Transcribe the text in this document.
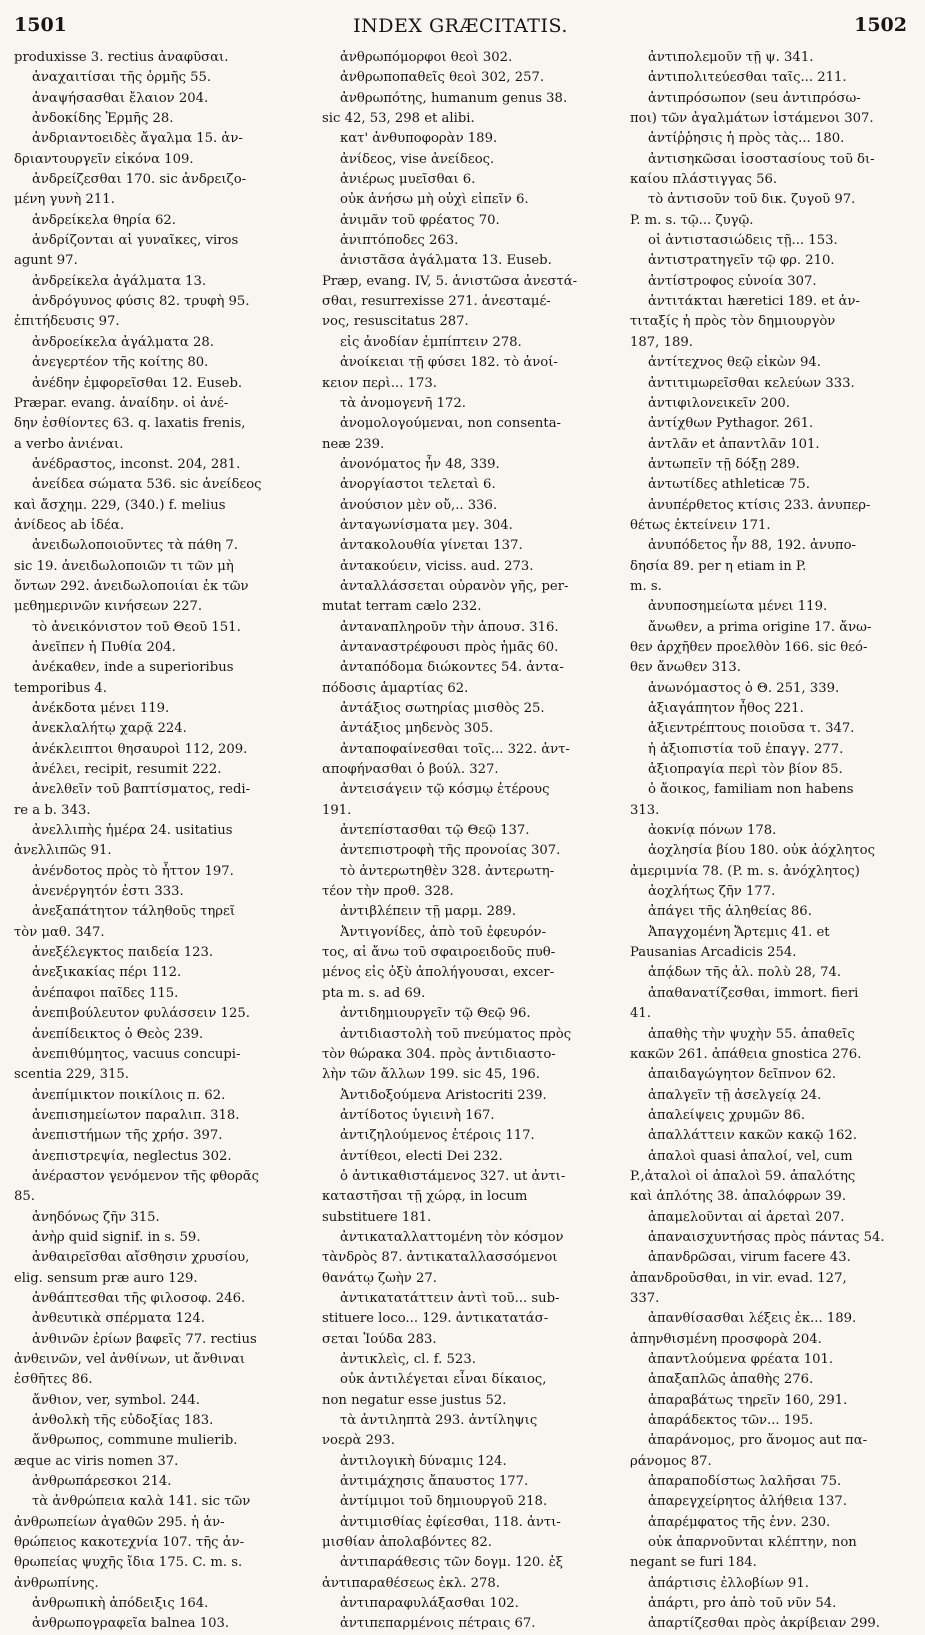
1501	INDEX GRÆCITATIS.	1502
produxisse 3. rectius ἀναφῦσαι.
ἀναχαιτίσαι τῆς ὁρμῆς 55.
ἀναψήσασθαι ἔλαιον 204.
ἀνδοκίδης Ἑρμῆς 28.
ἀνδριαντοειδὲς ἄγαλμα 15. ἀν-
δριαντουργεῖν εἰκόνα 109.
ἀνδρείζεσθαι 170. sic ἀνδρειζο-
μένη γυνὴ 211.
ἀνδρείκελα θηρία 62.
ἀνδρίζονται αἱ γυναῖκες, viros
agunt 97.
ἀνδρείκελα ἀγάλματα 13.
ἀνδρόγυνος φύσις 82. τρυφὴ 95.
ἐπιτήδευσις 97.
ἀνδροείκελα ἀγάλματα 28.
ἀνεγερτέον τῆς κοίτης 80.
ἀνέδην ἐμφορεῖσθαι 12. Euseb.
Præpar. evang. ἀναίδην. οἱ ἀνέ-
δην ἐσθίοντες 63. q. laxatis frenis,
a verbo ἀνιέναι.
ἀνέδραστος, inconst. 204, 281.
ἀνείδεα σώματα 536. sic ἀνείδεος
καὶ ἄσχημ. 229, (340.) f. melius
ἀνίδεος ab ἰδέα.
ἀνειδωλοποιοῦντες τὰ πάθη 7.
sic 19. ἀνειδωλοποιῶν τι τῶν μὴ
ὄντων 292. ἀνειδωλοποιίαι ἐκ τῶν
μεθημερινῶν κινήσεων 227.
τὸ ἀνεικόνιστον τοῦ Θεοῦ 151.
ἀνεῖπεν ἡ Πυθία 204.
ἀνέκαθεν, inde a superioribus
temporibus 4.
ἀνέκδοτα μένει 119.
ἀνεκλαλήτῳ χαρᾷ 224.
ἀνέκλειπτοι θησαυροὶ 112, 209.
ἀνέλει, recipit, resumit 222.
ἀνελθεῖν τοῦ βαπτίσματος, redi-
re a b. 343.
ἀνελλιπὴς ἡμέρα 24. usitatius
ἀνελλιπῶς 91.
ἀνένδοτος πρὸς τὸ ἧττον 197.
ἀνενέργητόν ἐστι 333.
ἀνεξαπάτητον τάληθοῦς τηρεῖ
τὸν μαθ. 347.
ἀνεξέλεγκτος παιδεία 123.
ἀνεξικακίας πέρι 112.
ἀνέπαφοι παῖδες 115.
ἀνεπιβούλευτον φυλάσσειν 125.
ἀνεπίδεικτος ὁ Θεὸς 239.
ἀνεπιθύμητος, vacuus concupi-
scentia 229, 315.
ἀνεπίμικτον ποικίλοις π. 62.
ἀνεπισημείωτον παραλιπ. 318.
ἀνεπιστήμων τῆς χρήσ. 397.
ἀνεπιστρεψία, neglectus 302.
ἀνέραστον γενόμενον τῆς φθορᾶς
85.
ἀνηδόνως ζῆν 315.
ἀνὴρ quid signif. in s. 59.
ἀνθαιρεῖσθαι αἴσθησιν χρυσίου,
elig. sensum præ auro 129.
ἀνθάπτεσθαι τῆς φιλοσοφ. 246.
ἀνθευτικὰ σπέρματα 124.
ἀνθινῶν ἐρίων βαφεῖς 77. rectius
ἀνθεινῶν, vel ἀνθίνων, ut ἄνθιναι
ἐσθῆτες 86.
ἄνθιον, ver, symbol. 244.
ἀνθολκὴ τῆς εὐδοξίας 183.
ἄνθρωπος, commune mulierib.
æque ac viris nomen 37.
ἀνθρωπάρεσκοι 214.
τὰ ἀνθρώπεια καλὰ 141. sic τῶν
ἀνθρωπείων ἀγαθῶν 295. ἡ ἀν-
θρώπειος κακοτεχνία 107. τῆς ἀν-
θρωπείας ψυχῆς ἴδια 175. C. m. s.
ἀνθρωπίνης.
ἀνθρωπικὴ ἀπόδειξις 164.
ἀνθρωπογραφεῖα balnea 103.
ἀνθρωπόμορφοι θεοὶ 302.
ἀνθρωποπαθεῖς θεοὶ 302, 257.
ἀνθρωπότης, humanum genus 38.
sic 42, 53, 298 et alibi.
κατ' ἀνθυποφορὰν 189.
ἀνίδεος, vise ἀνείδεος.
ἀνιέρως μυεῖσθαι 6.
οὐκ ἀνήσω μὴ οὐχὶ εἰπεῖν 6.
ἀνιμᾶν τοῦ φρέατος 70.
ἀνιπτόποδες 263.
ἀνιστᾶσα ἀγάλματα 13. Euseb.
Præp, evang. IV, 5. ἀνιστῶσα ἀνεστά-
σθαι, resurrexisse 271. ἀνεσταμέ-
νος, resuscitatus 287.
εἰς ἀνοδίαν ἐμπίπτειν 278.
ἀνοίκειαι τῇ φύσει 182. τὸ ἀνοί-
κειον περὶ... 173.
τὰ ἀνομογενῆ 172.
ἀνομολογούμεναι, non consenta-
neæ 239.
ἀνονόματος ἦν 48, 339.
ἀνοργίαστοι τελεταὶ 6.
ἀνούσιον μὲν οὔ,.. 336.
ἀνταγωνίσματα μεγ. 304.
ἀντακολουθία γίνεται 137.
ἀντακούειν, viciss. aud. 273.
ἀνταλλάσσεται οὐρανὸν γῆς, per-
mutat terram cælo 232.
ἀνταναπληροῦν τὴν ἀπουσ. 316.
ἀνταναστρέφουσι πρὸς ἡμᾶς 60.
ἀνταπόδομα διώκοντες 54. ἀντα-
πόδοσις ἁμαρτίας 62.
ἀντάξιος σωτηρίας μισθὸς 25.
ἀντάξιος μηδενὸς 305.
ἀνταποφαίνεσθαι τοῖς... 322. ἀντ-
αποφήνασθαι ὁ βούλ. 327.
ἀντεισάγειν τῷ κόσμῳ ἑτέρους
191.
ἀντεπίστασθαι τῷ Θεῷ 137.
ἀντεπιστροφὴ τῆς προνοίας 307.
τὸ ἀντερωτηθὲν 328. ἀντερωτη-
τέον τὴν προθ. 328.
ἀντιβλέπειν τῇ μαρμ. 289.
Ἀντιγονίδες, ἀπὸ τοῦ ἐφευρόν-
τος, αἱ ἄνω τοῦ σφαιροειδοῦς πυθ-
μένος εἰς ὀξὺ ἀπολήγουσαι, excer-
pta m. s. ad 69.
ἀντιδημιουργεῖν τῷ Θεῷ 96.
ἀντιδιαστολὴ τοῦ πνεύματος πρὸς
τὸν θώρακα 304. πρὸς ἀντιδιαστο-
λὴν τῶν ἄλλων 199. sic 45, 196.
Ἀντιδοξούμενα Aristocriti 239.
ἀντίδοτος ὑγιεινὴ 167.
ἀντιζηλούμενος ἑτέροις 117.
ἀντίθεοι, electi Dei 232.
ὁ ἀντικαθιστάμενος 327. ut ἀντι-
καταστῆσαι τῇ χώρᾳ, in locum
substituere 181.
ἀντικαταλλαττομένη τὸν κόσμον
τὰνδρὸς 87. ἀντικαταλλασσόμενοι
θανάτῳ ζωὴν 27.
ἀντικατατάττειν ἀντὶ τοῦ... sub-
stituere loco... 129. ἀντικατατάσ-
σεται Ἰούδα 283.
ἀντικλεὶς, cl. f. 523.
οὐκ ἀντιλέγεται εἶναι δίκαιος,
non negatur esse justus 52.
τὰ ἀντιληπτὰ 293. ἀντίληψις
νοερὰ 293.
ἀντιλογικὴ δύναμις 124.
ἀντιμάχησις ἄπαυστος 177.
ἀντίμιμοι τοῦ δημιουργοῦ 218.
ἀντιμισθίας ἐφίεσθαι, 118. ἀντι-
μισθίαν ἀπολαβόντες 82.
ἀντιπαράθεσις τῶν δογμ. 120. ἐξ
ἀντιπαραθέσεως ἐκλ. 278.
ἀντιπαραφυλάξασθαι 102.
ἀντιπεπαρμένοις πέτραις 67.
ἀντιπολεμοῦν τῇ ψ. 341.
ἀντιπολιτεύεσθαι ταῖς... 211.
ἀντιπρόσωπον (seu ἀντιπρόσω-
ποι) τῶν ἀγαλμάτων ἱστάμενοι 307.
ἀντίῤῥησις ἡ πρὸς τὰς... 180.
ἀντισηκῶσαι ἰσοστασίους τοῦ δι-
καίου πλάστιγγας 56.
τὸ ἀντισοῦν τοῦ δικ. ζυγοῦ 97.
P. m. s. τῷ... ζυγῷ.
οἱ ἀντιστασιώδεις τῇ... 153.
ἀντιστρατηγεῖν τῷ φρ. 210.
ἀντίστροφος εὐνοία 307.
ἀντιτάκται hæretici 189. et ἀν-
τιταξίς ἡ πρὸς τὸν δημιουργὸν
187, 189.
ἀντίτεχνος θεῷ εἰκὼν 94.
ἀντιτιμωρεῖσθαι κελεύων 333.
ἀντιφιλονεικεῖν 200.
ἀντίχθων Pythagor. 261.
ἀντλᾶν et ἀπαντλᾶν 101.
ἀντωπεῖν τῇ δόξῃ 289.
ἀντωτίδες athleticæ 75.
ἀνυπέρθετος κτίσις 233. ἀνυπερ-
θέτως ἐκτείνειν 171.
ἀνυπόδετος ἦν 88, 192. ἀνυπο-
δησία 89. per η etiam in P.
m. s.
ἀνυποσημείωτα μένει 119.
ἄνωθεν, a prima origine 17. ἄνω-
θεν ἀρχῆθεν προελθὸν 166. sic θεό-
θεν ἄνωθεν 313.
ἀνωνόμαστος ὁ Θ. 251, 339.
ἀξιαγάπητον ἦθος 221.
ἀξιεντρέπτους ποιοῦσα τ. 347.
ἡ ἀξιοπιστία τοῦ ἐπαγγ. 277.
ἀξιοπραγία περὶ τὸν βίον 85.
ὁ ἄοικος, familiam non habens
313.
ἀοκνίᾳ πόνων 178.
ἀοχλησία βίου 180. οὐκ ἀόχλητος
ἀμεριμνία 78. (P. m. s. ἀνόχλητος)
ἀοχλήτως ζῆν 177.
ἀπάγει τῆς ἀληθείας 86.
Ἀπαγχομένη Ἄρτεμις 41. et
Pausanias Arcadicis 254.
ἀπᾴδων τῆς ἀλ. πολὺ 28, 74.
ἀπαθανατίζεσθαι, immort. fieri
41.
ἀπαθὴς τὴν ψυχὴν 55. ἀπαθεῖς
κακῶν 261. ἀπάθεια gnostica 276.
ἀπαιδαγώγητον δεῖπνον 62.
ἀπαλγεῖν τῇ ἀσελγείᾳ 24.
ἀπαλείψεις χρυμῶν 86.
ἀπαλλάττειν κακῶν κακῷ 162.
ἀπαλοὶ quasi ἁπαλοί, vel, cum
P.,ἀταλοὶ οἱ ἀπαλοὶ 59. ἀπαλότης
καὶ ἁπλότης 38. ἀπαλόφρων 39.
ἀπαμελοῦνται αἱ ἀρεταὶ 207.
ἀπαναισχυντήσας πρὸς πάντας 54.
ἀπανδρῶσαι, virum facere 43.
ἀπανδροῦσθαι, in vir. evad. 127,
337.
ἀπανθίσασθαι λέξεις ἐκ... 189.
ἀπηνθισμένη προσφορὰ 204.
ἀπαντλούμενα φρέατα 101.
ἀπαξαπλῶς ἀπαθὴς 276.
ἀπαραβάτως τηρεῖν 160, 291.
ἀπαράδεκτος τῶν... 195.
ἀπαράνομος, pro ἄνομος aut πα-
ράνομος 87.
ἀπαραποδίστως λαλῆσαι 75.
ἀπαρεγχείρητος ἀλήθεια 137.
ἀπαρέμφατος τῆς ἐνν. 230.
οὐκ ἀπαρνοῦνται κλέπτην, non
negant se furi 184.
ἀπάρτισις ἐλλοβίων 91.
ἀπάρτι, pro ἀπὸ τοῦ νῦν 54.
ἀπαρτίζεσθαι πρὸς ἀκρίβειαν 299.
